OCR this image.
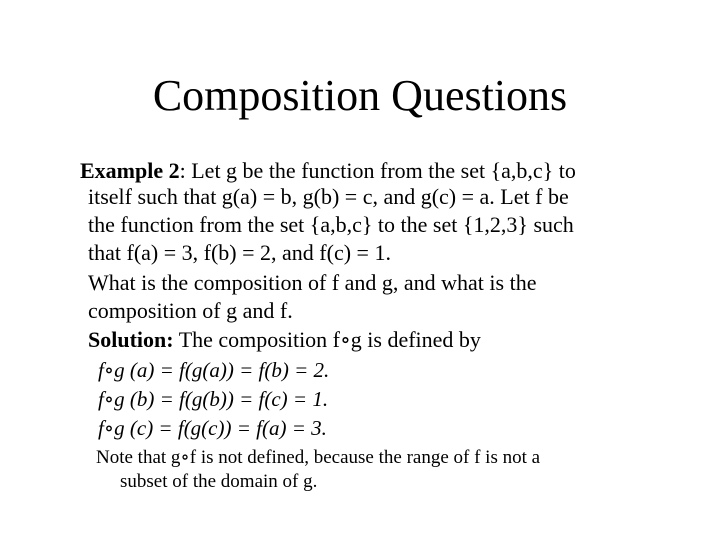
Composition Questions
Example 2: Let g be the function from the set {a,b,c} to
itself such that g(a) = b, g(b) = c, and g(c) = a. Let f be
the function from the set {a,b,c} to the set {1,2,3} such
that f(a) = 3, f(b) = 2, and f(c) = 1.
What is the composition of f and g, and what is the
composition of g and f.
Solution: The composition f∘g is defined by
f∘g (a) = f(g(a)) = f(b) = 2.
f∘g (b) = f(g(b)) = f(c) = 1.
f∘g (c) = f(g(c)) = f(a) = 3.
Note that g∘f is not defined, because the range of f is not a
subset of the domain of g.
